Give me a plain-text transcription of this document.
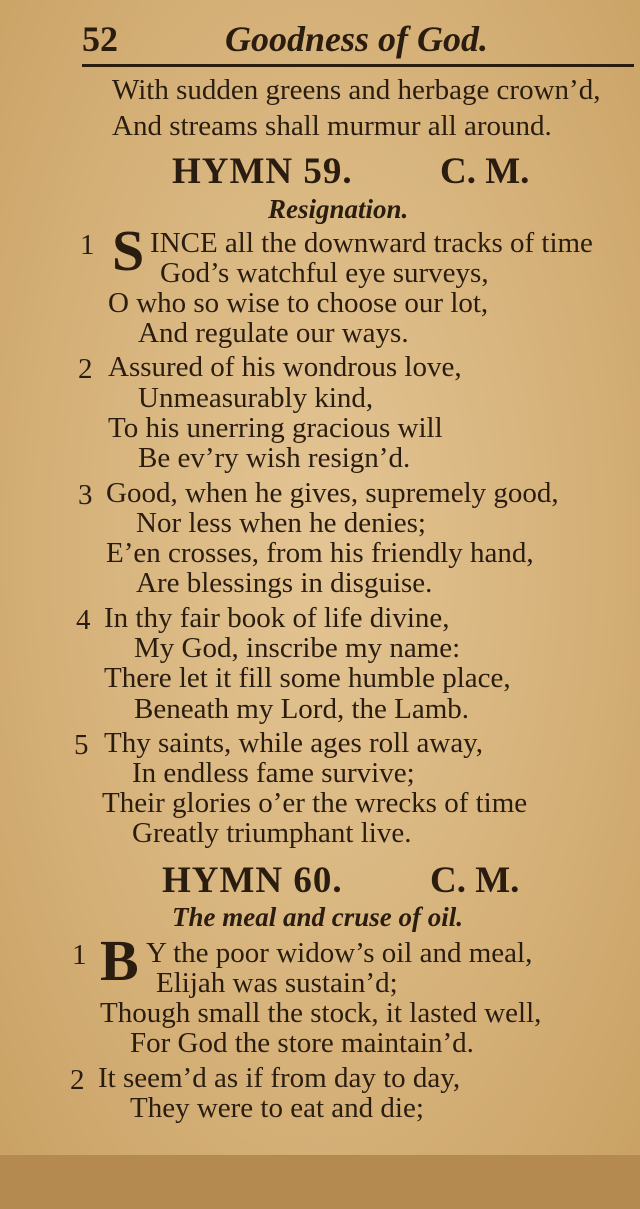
52	Goodness of God.
With sudden greens and herbage crown’d,
And streams shall murmur all around.
HYMN 59. C. M.
Resignation.
1 S INCE all the downward tracks of time
God’s watchful eye surveys,
O who so wise to choose our lot,
And regulate our ways.
2 Assured of his wondrous love,
Unmeasurably kind,
To his unerring gracious will
Be ev’ry wish resign’d.
3 Good, when he gives, supremely good,
Nor less when he denies;
E’en crosses, from his friendly hand,
Are blessings in disguise.
4 In thy fair book of life divine,
My God, inscribe my name:
There let it fill some humble place,
Beneath my Lord, the Lamb.
5 Thy saints, while ages roll away,
In endless fame survive;
Their glories o’er the wrecks of time
Greatly triumphant live.
HYMN 60. C. M.
The meal and cruse of oil.
1 B Y the poor widow’s oil and meal,
Elijah was sustain’d;
Though small the stock, it lasted well,
For God the store maintain’d.
2 It seem’d as if from day to day,
They were to eat and die;
